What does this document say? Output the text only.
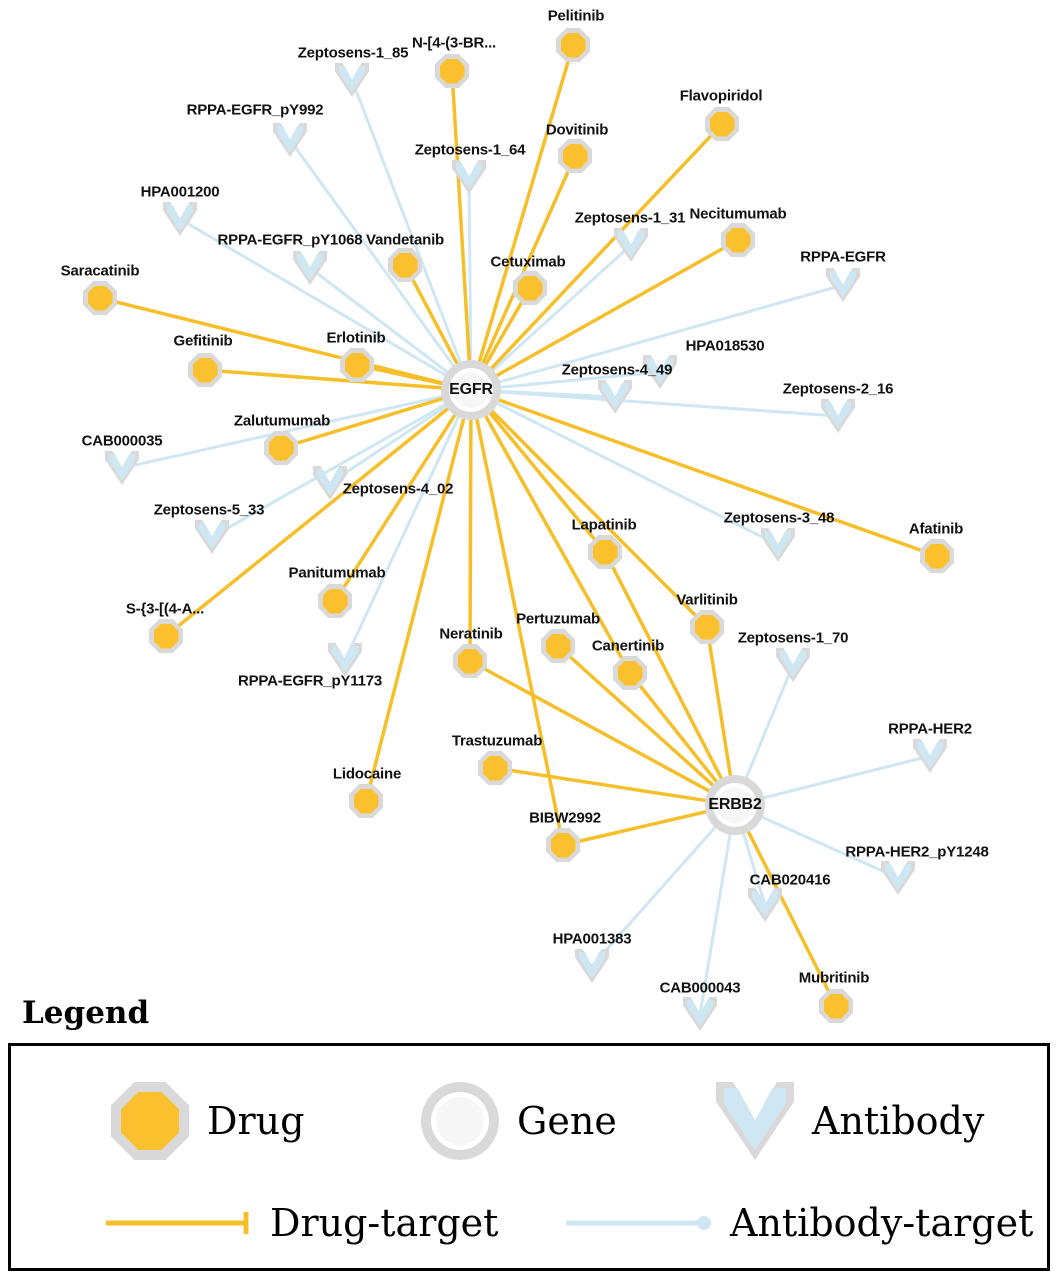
Zeptosens-1_85
RPPA-EGFR_pY992
Zeptosens-1_64
HPA001200
Zeptosens-1_31
RPPA-EGFR_pY1068
RPPA-EGFR
HPA018530
Zeptosens-4_49
Zeptosens-2_16
CAB000035
Zeptosens-4_02
Zeptosens-5_33	Zeptosens-3_48
Zeptosens-1_70
RPPA-EGFR_pY1173
RPPA-HER2
RPPA-HER2_pY1248
CAB020416
HPA001383
CAB000043
Pelitinib
N-[4-(3-BR...
Flavopiridol
Dovitinib
Necitumumab
Vandetanib
Cetuximab
Saracatinib
Erlotinib
Gefitinib
Zalutumumab
Afatinib
Lapatinib
Panitumumab
S-{3-[(4-A...
Varlitinib
Pertuzumab
Neratinib
Canertinib
Trastuzumab
Lidocaine
BIBW2992
Mubritinib
EGFR
ERBB2
Legend
Drug	Gene	Antibody
Drug-target	Antibody-target
